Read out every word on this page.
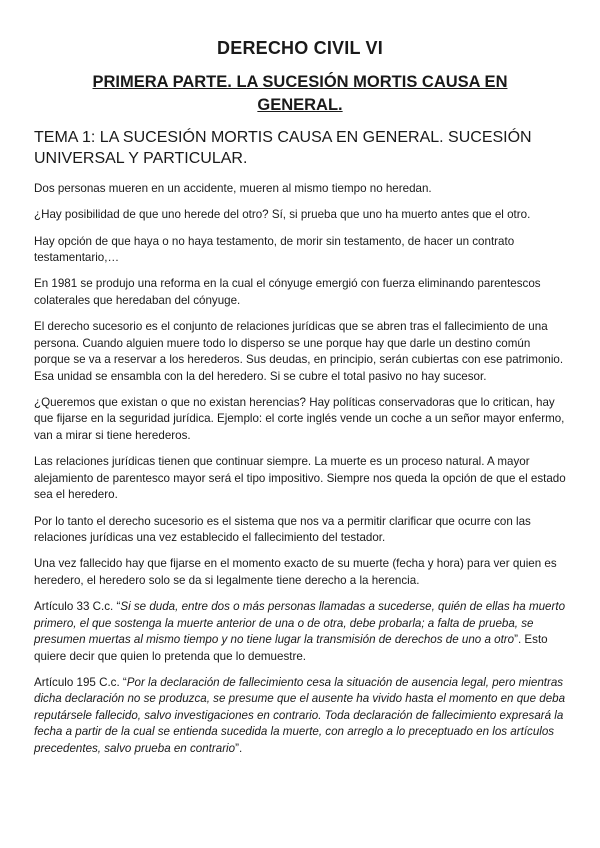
DERECHO CIVIL VI
PRIMERA PARTE. LA SUCESIÓN MORTIS CAUSA EN GENERAL.
TEMA 1: LA SUCESIÓN MORTIS CAUSA EN GENERAL. SUCESIÓN UNIVERSAL Y PARTICULAR.

Dos personas mueren en un accidente, mueren al mismo tiempo no heredan.

¿Hay posibilidad de que uno herede del otro? Sí, si prueba que uno ha muerto antes que el otro.

Hay opción de que haya o no haya testamento, de morir sin testamento, de hacer un contrato testamentario,…

En 1981 se produjo una reforma en la cual el cónyuge emergió con fuerza eliminando parentescos colaterales que heredaban del cónyuge.

El derecho sucesorio es el conjunto de relaciones jurídicas que se abren tras el fallecimiento de una persona. Cuando alguien muere todo lo disperso se une porque hay que darle un destino común porque se va a reservar a los herederos. Sus deudas, en principio, serán cubiertas con ese patrimonio. Esa unidad se ensambla con la del heredero. Si se cubre el total pasivo no hay sucesor.

¿Queremos que existan o que no existan herencias? Hay políticas conservadoras que lo critican, hay que fijarse en la seguridad jurídica. Ejemplo: el corte inglés vende un coche a un señor mayor enfermo, van a mirar si tiene herederos.

Las relaciones jurídicas tienen que continuar siempre. La muerte es un proceso natural. A mayor alejamiento de parentesco mayor será el tipo impositivo. Siempre nos queda la opción de que el estado sea el heredero.

Por lo tanto el derecho sucesorio es el sistema que nos va a permitir clarificar que ocurre con las relaciones jurídicas una vez establecido el fallecimiento del testador.

Una vez fallecido hay que fijarse en el momento exacto de su muerte (fecha y hora) para ver quien es heredero, el heredero solo se da si legalmente tiene derecho a la herencia.

Artículo 33 C.c. “Si se duda, entre dos o más personas llamadas a sucederse, quién de ellas ha muerto primero, el que sostenga la muerte anterior de una o de otra, debe probarla; a falta de prueba, se presumen muertas al mismo tiempo y no tiene lugar la transmisión de derechos de uno a otro”. Esto quiere decir que quien lo pretenda que lo demuestre.

Artículo 195 C.c. “Por la declaración de fallecimiento cesa la situación de ausencia legal, pero mientras dicha declaración no se produzca, se presume que el ausente ha vivido hasta el momento en que deba reputársele fallecido, salvo investigaciones en contrario. Toda declaración de fallecimiento expresará la fecha a partir de la cual se entienda sucedida la muerte, con arreglo a lo preceptuado en los artículos precedentes, salvo prueba en contrario”.
